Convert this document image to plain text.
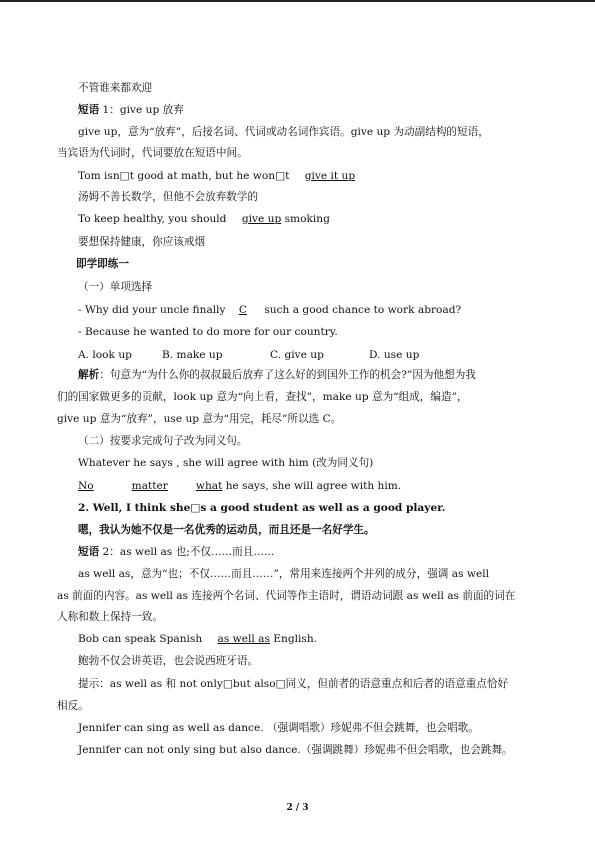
不管谁来都欢迎
短语 1：give up 放弃
give up，意为“放弃”，后接名词、代词或动名词作宾语。give up 为动副结构的短语，
当宾语为代词时，代词要放在短语中间。
Tom isn□t good at math, but he won□t give it up
汤姆不善长数学，但他不会放弃数学的
To keep healthy, you should give up smoking
要想保持健康，你应该戒烟
即学即练一
（一）单项选择
- Why did your uncle finally C such a good chance to work abroad?
- Because he wanted to do more for our country.
A. look up	B. make up	C. give up	D. use up
解析：句意为“为什么你的叔叔最后放弃了这么好的到国外工作的机会?”因为他想为我
们的国家做更多的贡献，look up 意为“向上看，查找”，make up 意为“组成，编造”，
give up 意为“放弃”，use up 意为“用完，耗尽”所以选 C。
（二）按要求完成句子改为同义句。
Whatever he says , she will agree with him (改为同义句)
No	matter	what he says, she will agree with him.
2. Well, I think she□s a good student as well as a good player.
嗯，我认为她不仅是一名优秀的运动员，而且还是一名好学生。
短语 2：as well as 也;不仅……而且……
as well as，意为“也；不仅……而且……”，常用来连接两个并列的成分，强调 as well
as 前面的内容。as well as 连接两个名词、代词等作主语时，谓语动词跟 as well as 前面的词在
人称和数上保持一致。
Bob can speak Spanish as well as English.
鲍勃不仅会讲英语，也会说西班牙语。
提示：as well as 和 not only□but also□同义，但前者的语意重点和后者的语意重点恰好
相反。
Jennifer can sing as well as dance. （强调唱歌）珍妮弗不但会跳舞，也会唱歌。
Jennifer can not only sing but also dance.（强调跳舞）珍妮弗不但会唱歌，也会跳舞。
2 / 3
